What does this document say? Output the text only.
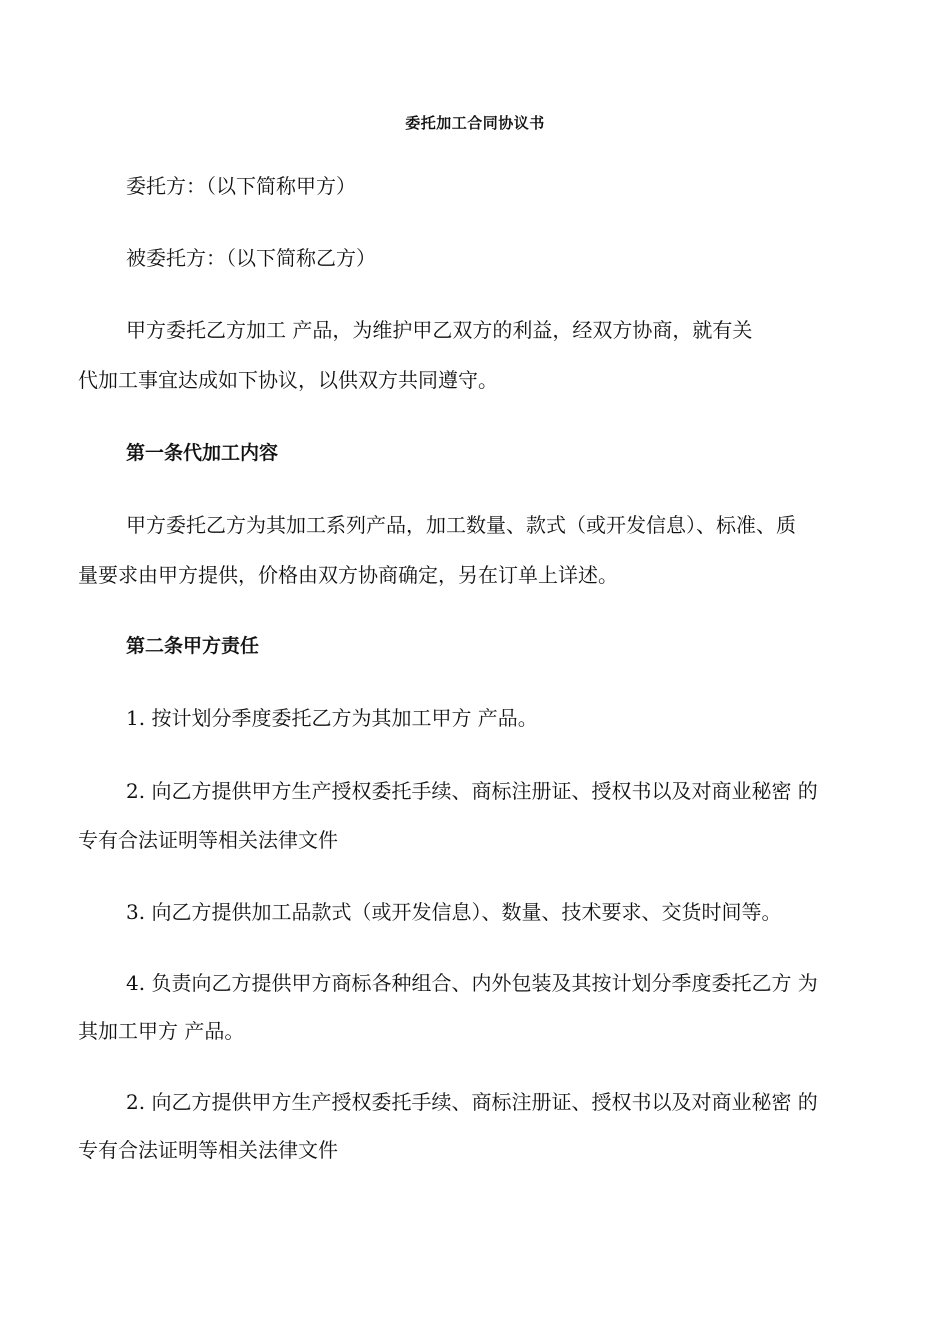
委托加工合同协议书
委托方：（以下简称甲方）
被委托方：（以下简称乙方）
甲方委托乙方加工 产品，为维护甲乙双方的利益，经双方协商，就有关
代加工事宜达成如下协议，以供双方共同遵守。
第一条代加工内容
甲方委托乙方为其加工系列产品，加工数量、款式（或开发信息）、标准、质
量要求由甲方提供，价格由双方协商确定，另在订单上详述。
第二条甲方责任
1. 按计划分季度委托乙方为其加工甲方 产品。
2. 向乙方提供甲方生产授权委托手续、商标注册证、授权书以及对商业秘密 的
专有合法证明等相关法律文件
3. 向乙方提供加工品款式（或开发信息）、数量、技术要求、交货时间等。
4. 负责向乙方提供甲方商标各种组合、内外包装及其按计划分季度委托乙方 为
其加工甲方 产品。
2. 向乙方提供甲方生产授权委托手续、商标注册证、授权书以及对商业秘密 的
专有合法证明等相关法律文件
